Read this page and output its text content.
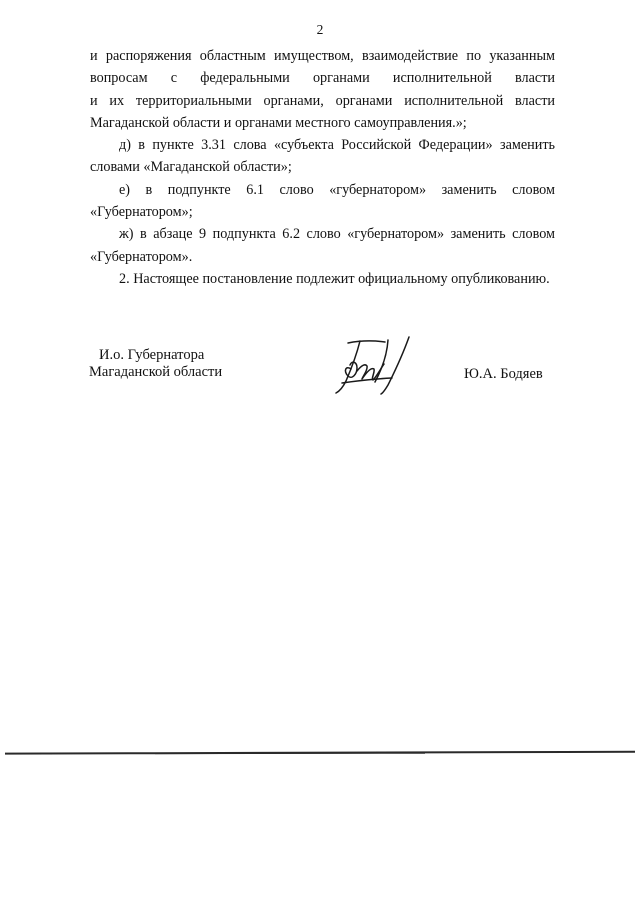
2

и распоряжения областным имуществом, взаимодействие по указанным
вопросам с федеральными органами исполнительной власти
и их территориальными органами, органами исполнительной власти
Магаданской области и органами местного самоуправления.»;

д) в пункте 3.31 слова «субъекта Российской Федерации» заменить словами «Магаданской области»;

е) в подпункте 6.1 слово «губернатором» заменить словом «Губернатором»;

ж) в абзаце 9 подпункта 6.2 слово «губернатором» заменить словом «Губернатором».

2. Настоящее постановление подлежит официальному опубликованию.

И.о. Губернатора
Магаданской области	Ю.А. Бодяев
